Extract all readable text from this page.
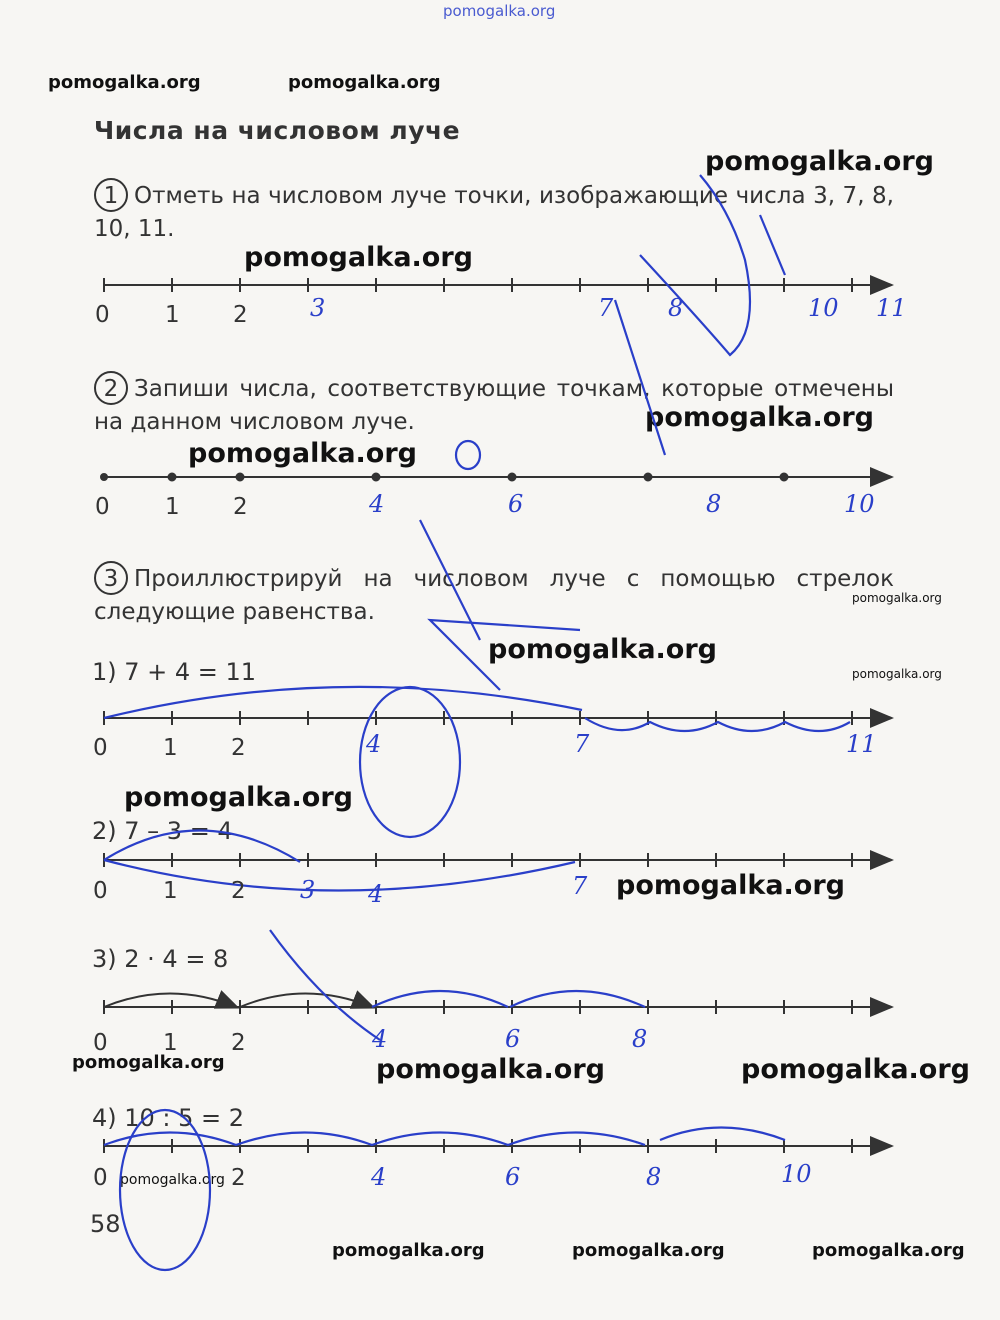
pomogalka.org
pomogalka.org	pomogalka.org
pomogalka.org
pomogalka.org
pomogalka.org
pomogalka.org
pomogalka.org
pomogalka.org
pomogalka.org
pomogalka.org
pomogalka.org
pomogalka.org	pomogalka.org	pomogalka.org
pomogalka.org
pomogalka.org	pomogalka.org	pomogalka.org
Числа на числовом луче
1 Отметь на числовом луче точки, изображающие числа 3, 7, 8, 10, 11.
2 Запиши числа, соответствующие точкам, которые отмечены на данном числовом луче.
3 Проиллюстрируй на числовом луче с помощью стрелок следующие равенства.
1) 7 + 4 = 11
2) 7 – 3 = 4
3) 2 · 4 = 8
4) 10 : 5 = 2
0 1 2
0 1 2
0 1 2
0 1 2
0 1 2
0	2
3	7 8	10 11
4	6	8	10
4	7	11
3 4	7
4	6	8
4	6	8	10
58
